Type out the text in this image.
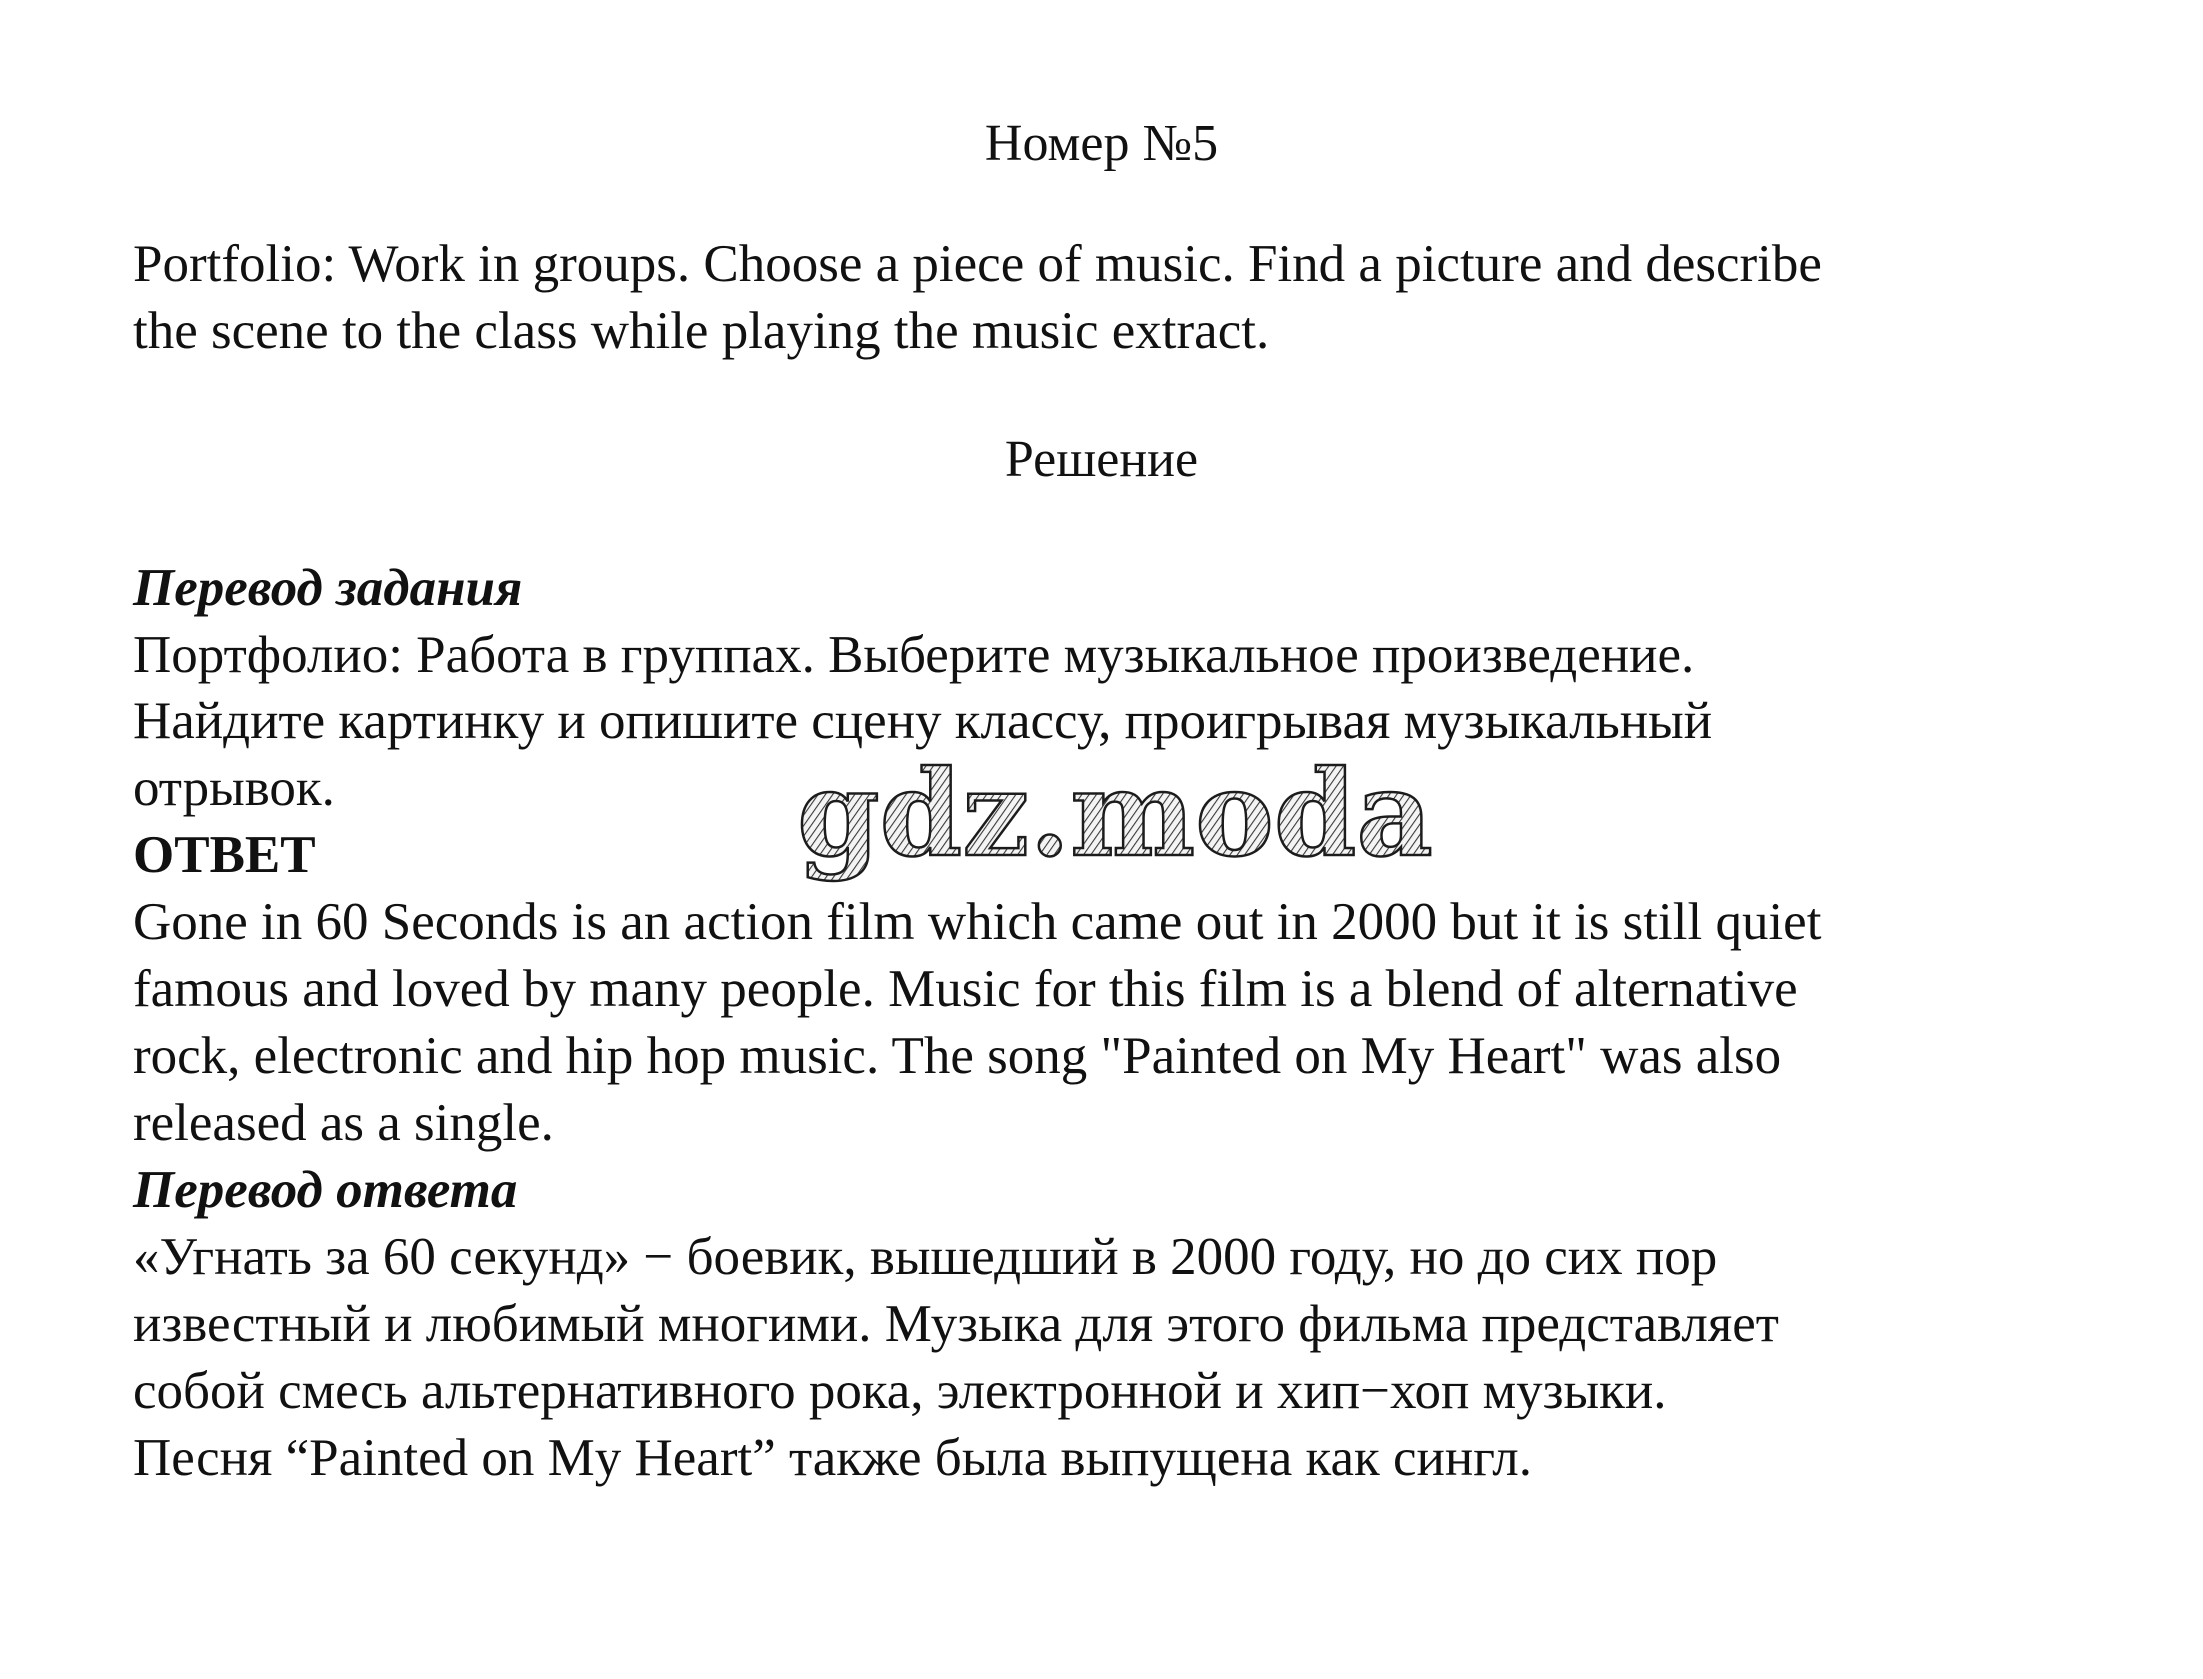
Номер №5
Portfolio: Work in groups. Choose a piece of music. Find a picture and describe
the scene to the class while playing the music extract.
Решение
Перевод задания
Портфолио: Работа в группах. Выберите музыкальное произведение.
Найдите картинку и опишите сцену классу, проигрывая музыкальный
отрывок.
ОТВЕТ
Gone in 60 Seconds is an action film which came out in 2000 but it is still quiet
famous and loved by many people. Music for this film is a blend of alternative
rock, electronic and hip hop music. The song "Painted on My Heart" was also
released as a single.
Перевод ответа
«Угнать за 60 секунд» − боевик, вышедший в 2000 году, но до сих пор
известный и любимый многими. Музыка для этого фильма представляет
собой смесь альтернативного рока, электронной и хип−хоп музыки.
Песня “Painted on My Heart” также была выпущена как сингл.
gdz.moda
